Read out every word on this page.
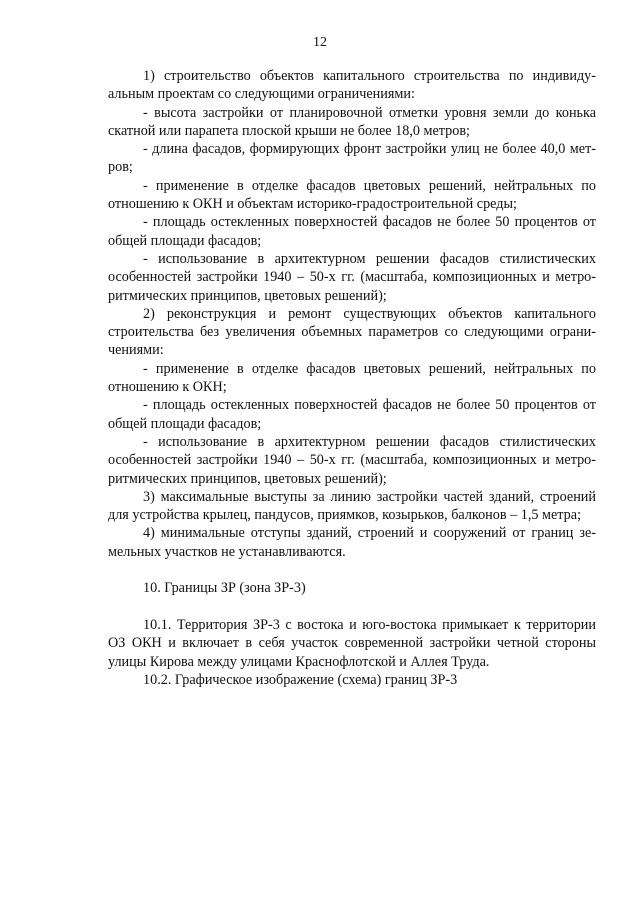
12

1) строительство объектов капитального строительства по индивиду-альным проектам со следующими ограничениями:

- высота застройки от планировочной отметки уровня земли до конька скатной или парапета плоской крыши не более 18,0 метров;

- длина фасадов, формирующих фронт застройки улиц не более 40,0 мет-ров;

- применение в отделке фасадов цветовых решений, нейтральных по отношению к ОКН и объектам историко-градостроительной среды;

- площадь остекленных поверхностей фасадов не более 50 процентов от общей площади фасадов;

- использование в архитектурном решении фасадов стилистических особенностей застройки 1940 – 50-х гг. (масштаба, композиционных и метро-ритмических принципов, цветовых решений);

2) реконструкция и ремонт существующих объектов капитального строительства без увеличения объемных параметров со следующими ограни-чениями:

- применение в отделке фасадов цветовых решений, нейтральных по отношению к ОКН;

- площадь остекленных поверхностей фасадов не более 50 процентов от общей площади фасадов;

- использование в архитектурном решении фасадов стилистических особенностей застройки 1940 – 50-х гг. (масштаба, композиционных и метро-ритмических принципов, цветовых решений);

3) максимальные выступы за линию застройки частей зданий, строений для устройства крылец, пандусов, приямков, козырьков, балконов – 1,5 метра;

4) минимальные отступы зданий, строений и сооружений от границ зе-мельных участков не устанавливаются.

10. Границы ЗР (зона ЗР-3)

10.1. Территория ЗР-3 с востока и юго-востока примыкает к территории ОЗ ОКН и включает в себя участок современной застройки четной стороны улицы Кирова между улицами Краснофлотской и Аллея Труда.

10.2. Графическое изображение (схема) границ ЗР-3
